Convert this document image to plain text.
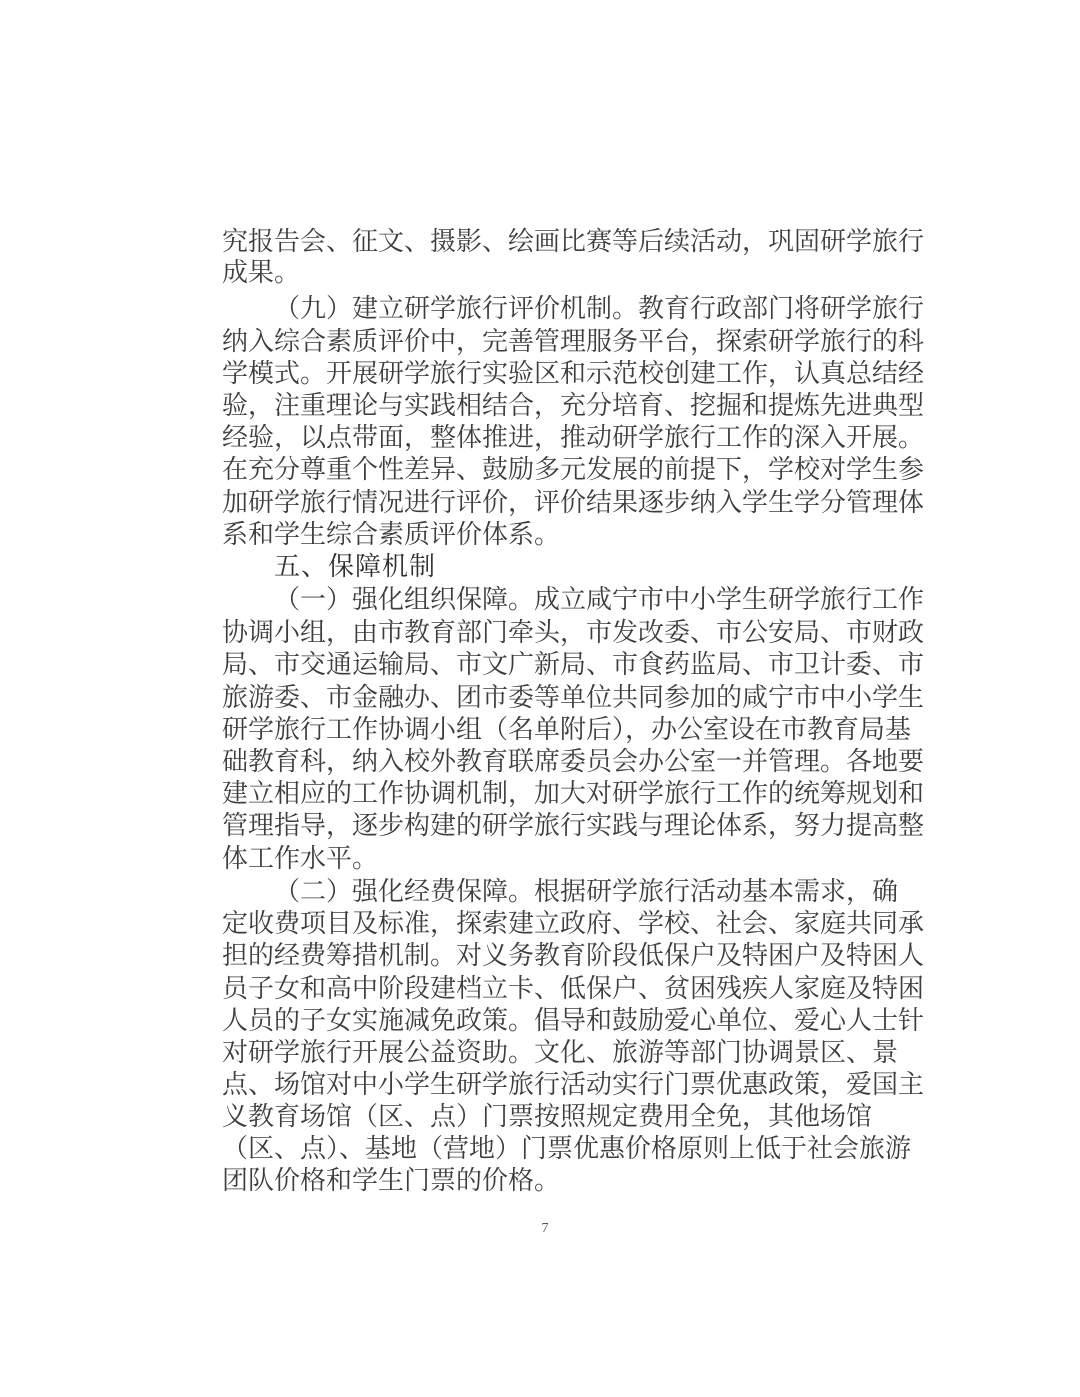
究报告会、征文、摄影、绘画比赛等后续活动，巩固研学旅行
成果。
（九）建立研学旅行评价机制。教育行政部门将研学旅行
纳入综合素质评价中，完善管理服务平台，探索研学旅行的科
学模式。开展研学旅行实验区和示范校创建工作，认真总结经
验，注重理论与实践相结合，充分培育、挖掘和提炼先进典型
经验，以点带面，整体推进，推动研学旅行工作的深入开展。
在充分尊重个性差异、鼓励多元发展的前提下，学校对学生参
加研学旅行情况进行评价，评价结果逐步纳入学生学分管理体
系和学生综合素质评价体系。
五、保障机制
（一）强化组织保障。成立咸宁市中小学生研学旅行工作
协调小组，由市教育部门牵头，市发改委、市公安局、市财政
局、市交通运输局、市文广新局、市食药监局、市卫计委、市
旅游委、市金融办、团市委等单位共同参加的咸宁市中小学生
研学旅行工作协调小组（名单附后），办公室设在市教育局基
础教育科，纳入校外教育联席委员会办公室一并管理。各地要
建立相应的工作协调机制，加大对研学旅行工作的统筹规划和
管理指导，逐步构建的研学旅行实践与理论体系，努力提高整
体工作水平。
（二）强化经费保障。根据研学旅行活动基本需求，确
定收费项目及标准，探索建立政府、学校、社会、家庭共同承
担的经费筹措机制。对义务教育阶段低保户及特困户及特困人
员子女和高中阶段建档立卡、低保户、贫困残疾人家庭及特困
人员的子女实施减免政策。倡导和鼓励爱心单位、爱心人士针
对研学旅行开展公益资助。文化、旅游等部门协调景区、景
点、场馆对中小学生研学旅行活动实行门票优惠政策，爱国主
义教育场馆（区、点）门票按照规定费用全免，其他场馆
（区、点）、基地（营地）门票优惠价格原则上低于社会旅游
团队价格和学生门票的价格。
7
